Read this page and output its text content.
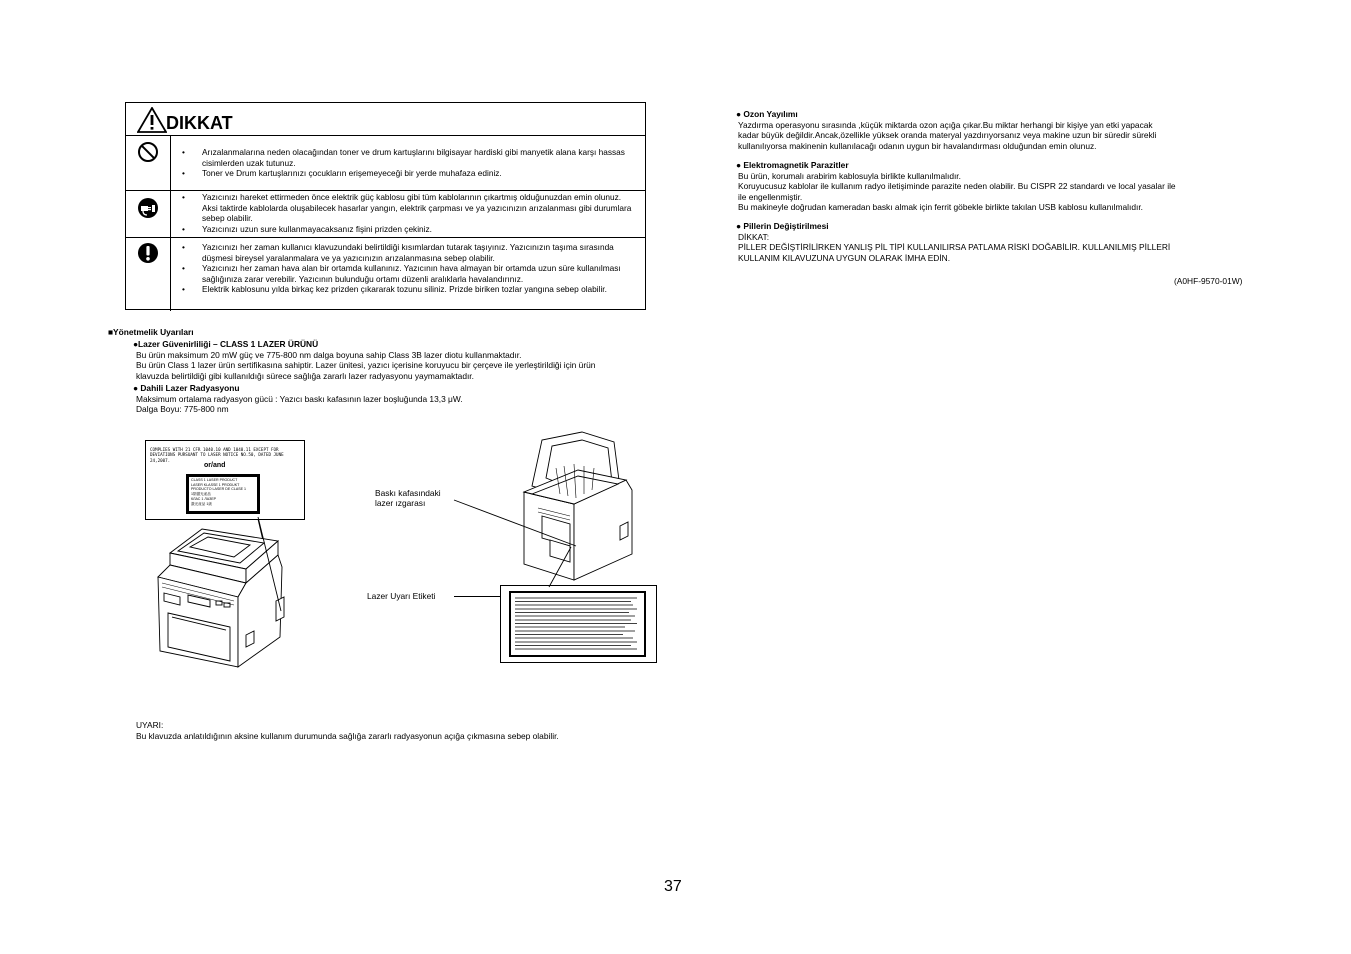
DIKKAT
• Arızalanmalarına neden olacağından toner ve drum kartuşlarını bilgisayar hardiski gibi manyetik alana karşı hassas cisimlerden uzak tutunuz.
• Toner ve Drum kartuşlarınızı çocukların erişemeyeceği bir yerde muhafaza ediniz.
• Yazıcınızı hareket ettirmeden önce elektrik güç kablosu gibi tüm kablolarının çıkartmış olduğunuzdan emin olunuz. Aksi taktirde kablolarda oluşabilecek hasarlar yangın, elektrik çarpması ve ya yazıcınızın arızalanması gibi durumlara sebep olabilir.
• Yazıcınızı uzun sure kullanmayacaksanız fişini prizden çekiniz.
• Yazıcınızı her zaman kullanıcı klavuzundaki belirtildiği kısımlardan tutarak taşıyınız. Yazıcınızın taşıma sırasında düşmesi bireysel yaralanmalara ve ya yazıcınızın arızalanmasına sebep olabilir.
• Yazıcınızı her zaman hava alan bir ortamda kullanınız. Yazıcının hava almayan bir ortamda uzun süre kullanılması sağlığınıza zarar verebilir. Yazıcının bulunduğu ortamı düzenli aralıklarla havalandırınız.
• Elektrik kablosunu yılda birkaç kez prizden çıkararak tozunu siliniz. Prizde biriken tozlar yangına sebep olabilir.
■Yönetmelik Uyarıları
●Lazer Güvenirliliği – CLASS 1 LAZER ÜRÜNÜ
Bu ürün maksimum 20 mW güç ve 775-800 nm dalga boyuna sahip Class 3B lazer diotu kullanmaktadır.
Bu ürün Class 1 lazer ürün sertifikasına sahiptir. Lazer ünitesi, yazıcı içerisine koruyucu bir çerçeve ile yerleştirildiği için ürün
klavuzda belirtildiği gibi kullanıldığı sürece sağlığa zararlı lazer radyasyonu yaymamaktadır.
● Dahili Lazer Radyasyonu
Maksimum ortalama radyasyon gücü : Yazıcı baskı kafasının lazer boşluğunda 13,3 μW.
Dalga Boyu: 775-800 nm
COMPLIES WITH 21 CFR 1040.10 AND 1040.11 EXCEPT FOR DEVIATIONS PURSUANT TO LASER NOTICE NO.50, DATED JUNE 24,2007.
or/and
CLASS 1 LASER PRODUCT
LASER KLASSE 1 PRODUKT
PRODUCTO LASER DE CLASE 1
1類激光產品
КЛАС 1 ЛАЗЕР
激光產品 1級
Baskı kafasındaki
lazer ızgarası
Lazer Uyarı Etiketi
UYARI:
Bu klavuzda anlatıldığının aksine kullanım durumunda sağlığa zararlı radyasyonun açığa çıkmasına sebep olabilir.
● Ozon Yayılımı
Yazdırma operasyonu sırasında ,küçük miktarda ozon açığa çıkar.Bu miktar herhangi bir kişiye yan etki yapacak
kadar büyük değildir.Ancak,özellikle yüksek oranda materyal yazdırıyorsanız veya makine uzun bir süredir sürekli
kullanılıyorsa makinenin kullanılacağı odanın uygun bir havalandırması olduğundan emin olunuz.
● Elektromagnetik Parazitler
Bu ürün, korumalı arabirim kablosuyla birlikte kullanılmalıdır.
Koruyucusuz kablolar ile kullanım radyo iletişiminde parazite neden olabilir. Bu CISPR 22 standardı ve local yasalar ile
ile engellenmiştir.
Bu makineyle doğrudan kameradan baskı almak için ferrit göbekle birlikte takılan USB kablosu kullanılmalıdır.
● Pillerin Değiştirilmesi
DİKKAT:
PİLLER DEĞİŞTİRİLİRKEN YANLIŞ PİL TİPİ KULLANILIRSA PATLAMA RİSKİ DOĞABİLİR. KULLANILMIŞ PİLLERİ
KULLANIM KILAVUZUNA UYGUN OLARAK İMHA EDİN.
(A0HF-9570-01W)
37
